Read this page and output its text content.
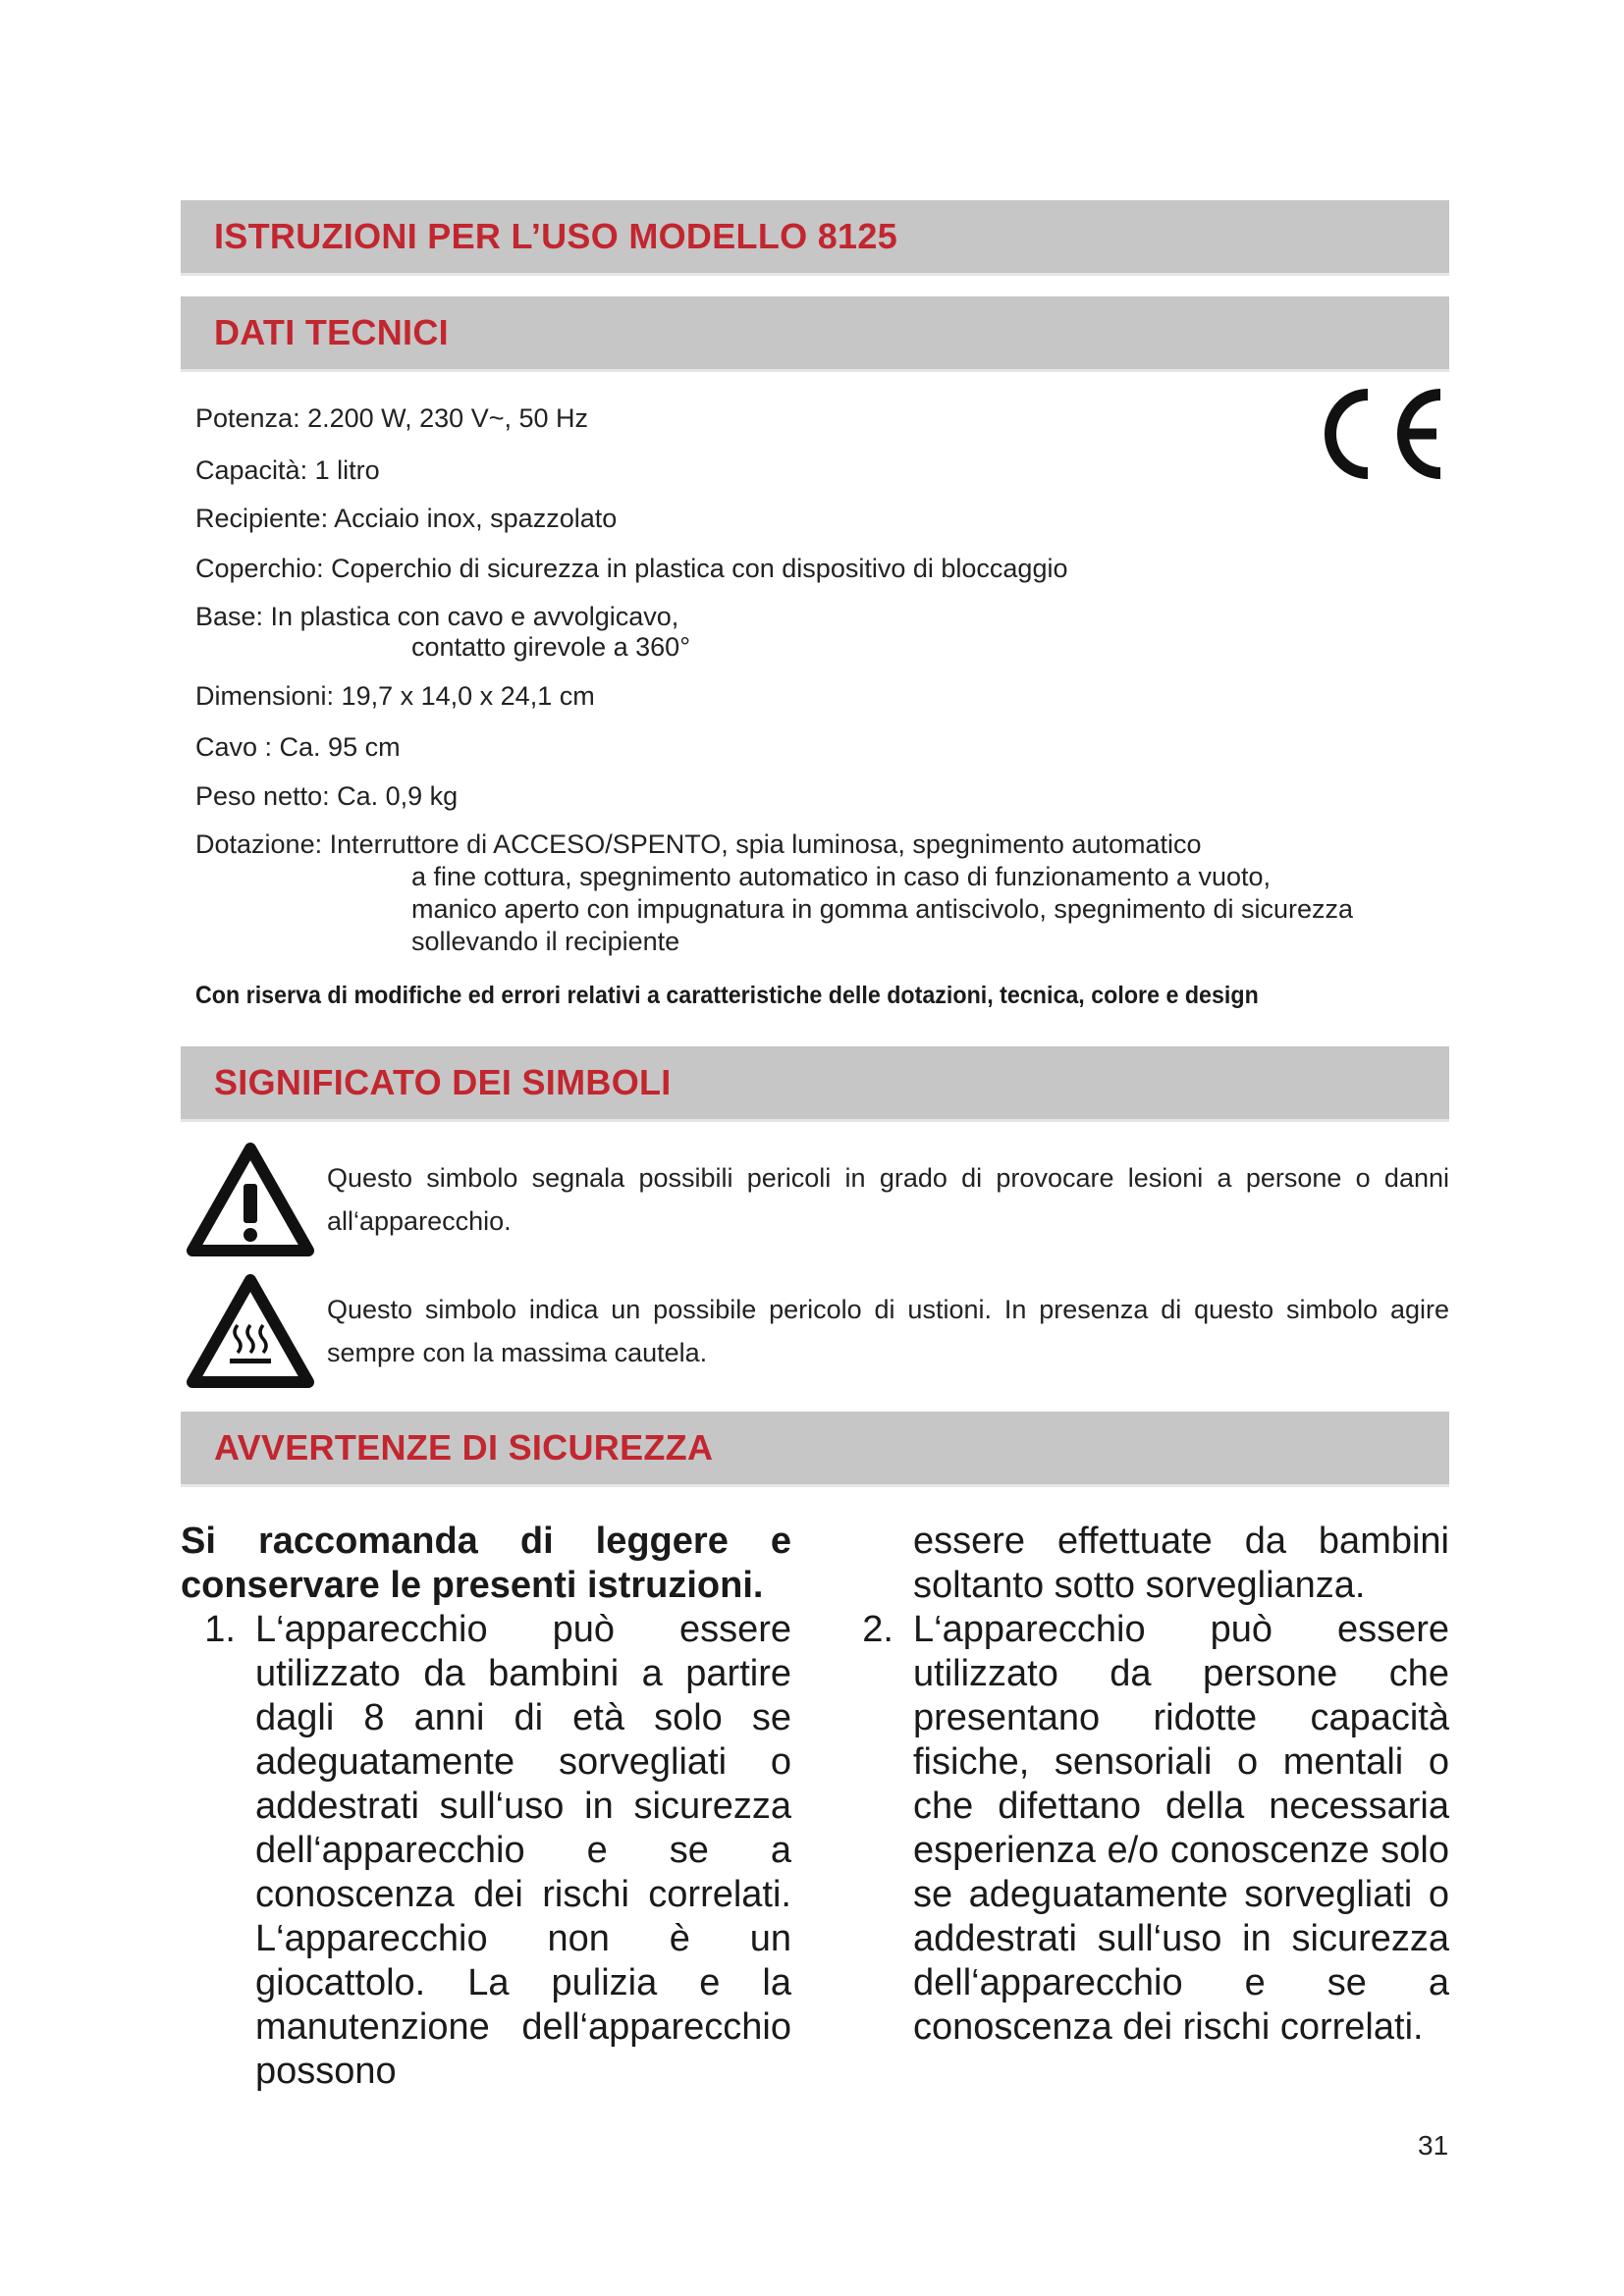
ISTRUZIONI PER L’USO MODELLO 8125
DATI TECNICI
Potenza: 2.200 W, 230 V~, 50 Hz
Capacità: 1 litro
Recipiente: Acciaio inox, spazzolato
Coperchio: Coperchio di sicurezza in plastica con dispositivo di bloccaggio
Base: In plastica con cavo e avvolgicavo,
contatto girevole a 360°
Dimensioni: 19,7 x 14,0 x 24,1 cm
Cavo : Ca. 95 cm
Peso netto: Ca. 0,9 kg
Dotazione: Interruttore di ACCESO/SPENTO, spia luminosa, spegnimento automatico
a fine cottura, spegnimento automatico in caso di funzionamento a vuoto,
manico aperto con impugnatura in gomma antiscivolo, spegnimento di sicurezza
sollevando il recipiente
Con riserva di modifiche ed errori relativi a caratteristiche delle dotazioni, tecnica, colore e design
SIGNIFICATO DEI SIMBOLI
Questo simbolo segnala possibili pericoli in grado di provocare lesioni a persone o danni all‘apparecchio.
Questo simbolo indica un possibile pericolo di ustioni. In presenza di questo simbolo agire sempre con la massima cautela.
AVVERTENZE DI SICUREZZA
Si raccomanda di leggere e conservare le presenti istruzioni.
1. L‘apparecchio può essere utilizzato da bambini a partire dagli 8 anni di età solo se adeguatamente sorvegliati o addestrati sull‘uso in sicurezza dell‘apparecchio e se a conoscenza dei rischi correlati. L‘apparecchio non è un giocattolo. La pulizia e la manutenzione dell‘apparecchio possono
essere effettuate da bambini soltanto sotto sorveglianza.
2. L‘apparecchio può essere utilizzato da persone che presentano ridotte capacità fisiche, sensoriali o mentali o che difettano della necessaria esperienza e/o conoscenze solo se adeguatamente sorvegliati o addestrati sull‘uso in sicurezza dell‘apparecchio e se a conoscenza dei rischi correlati.
31
